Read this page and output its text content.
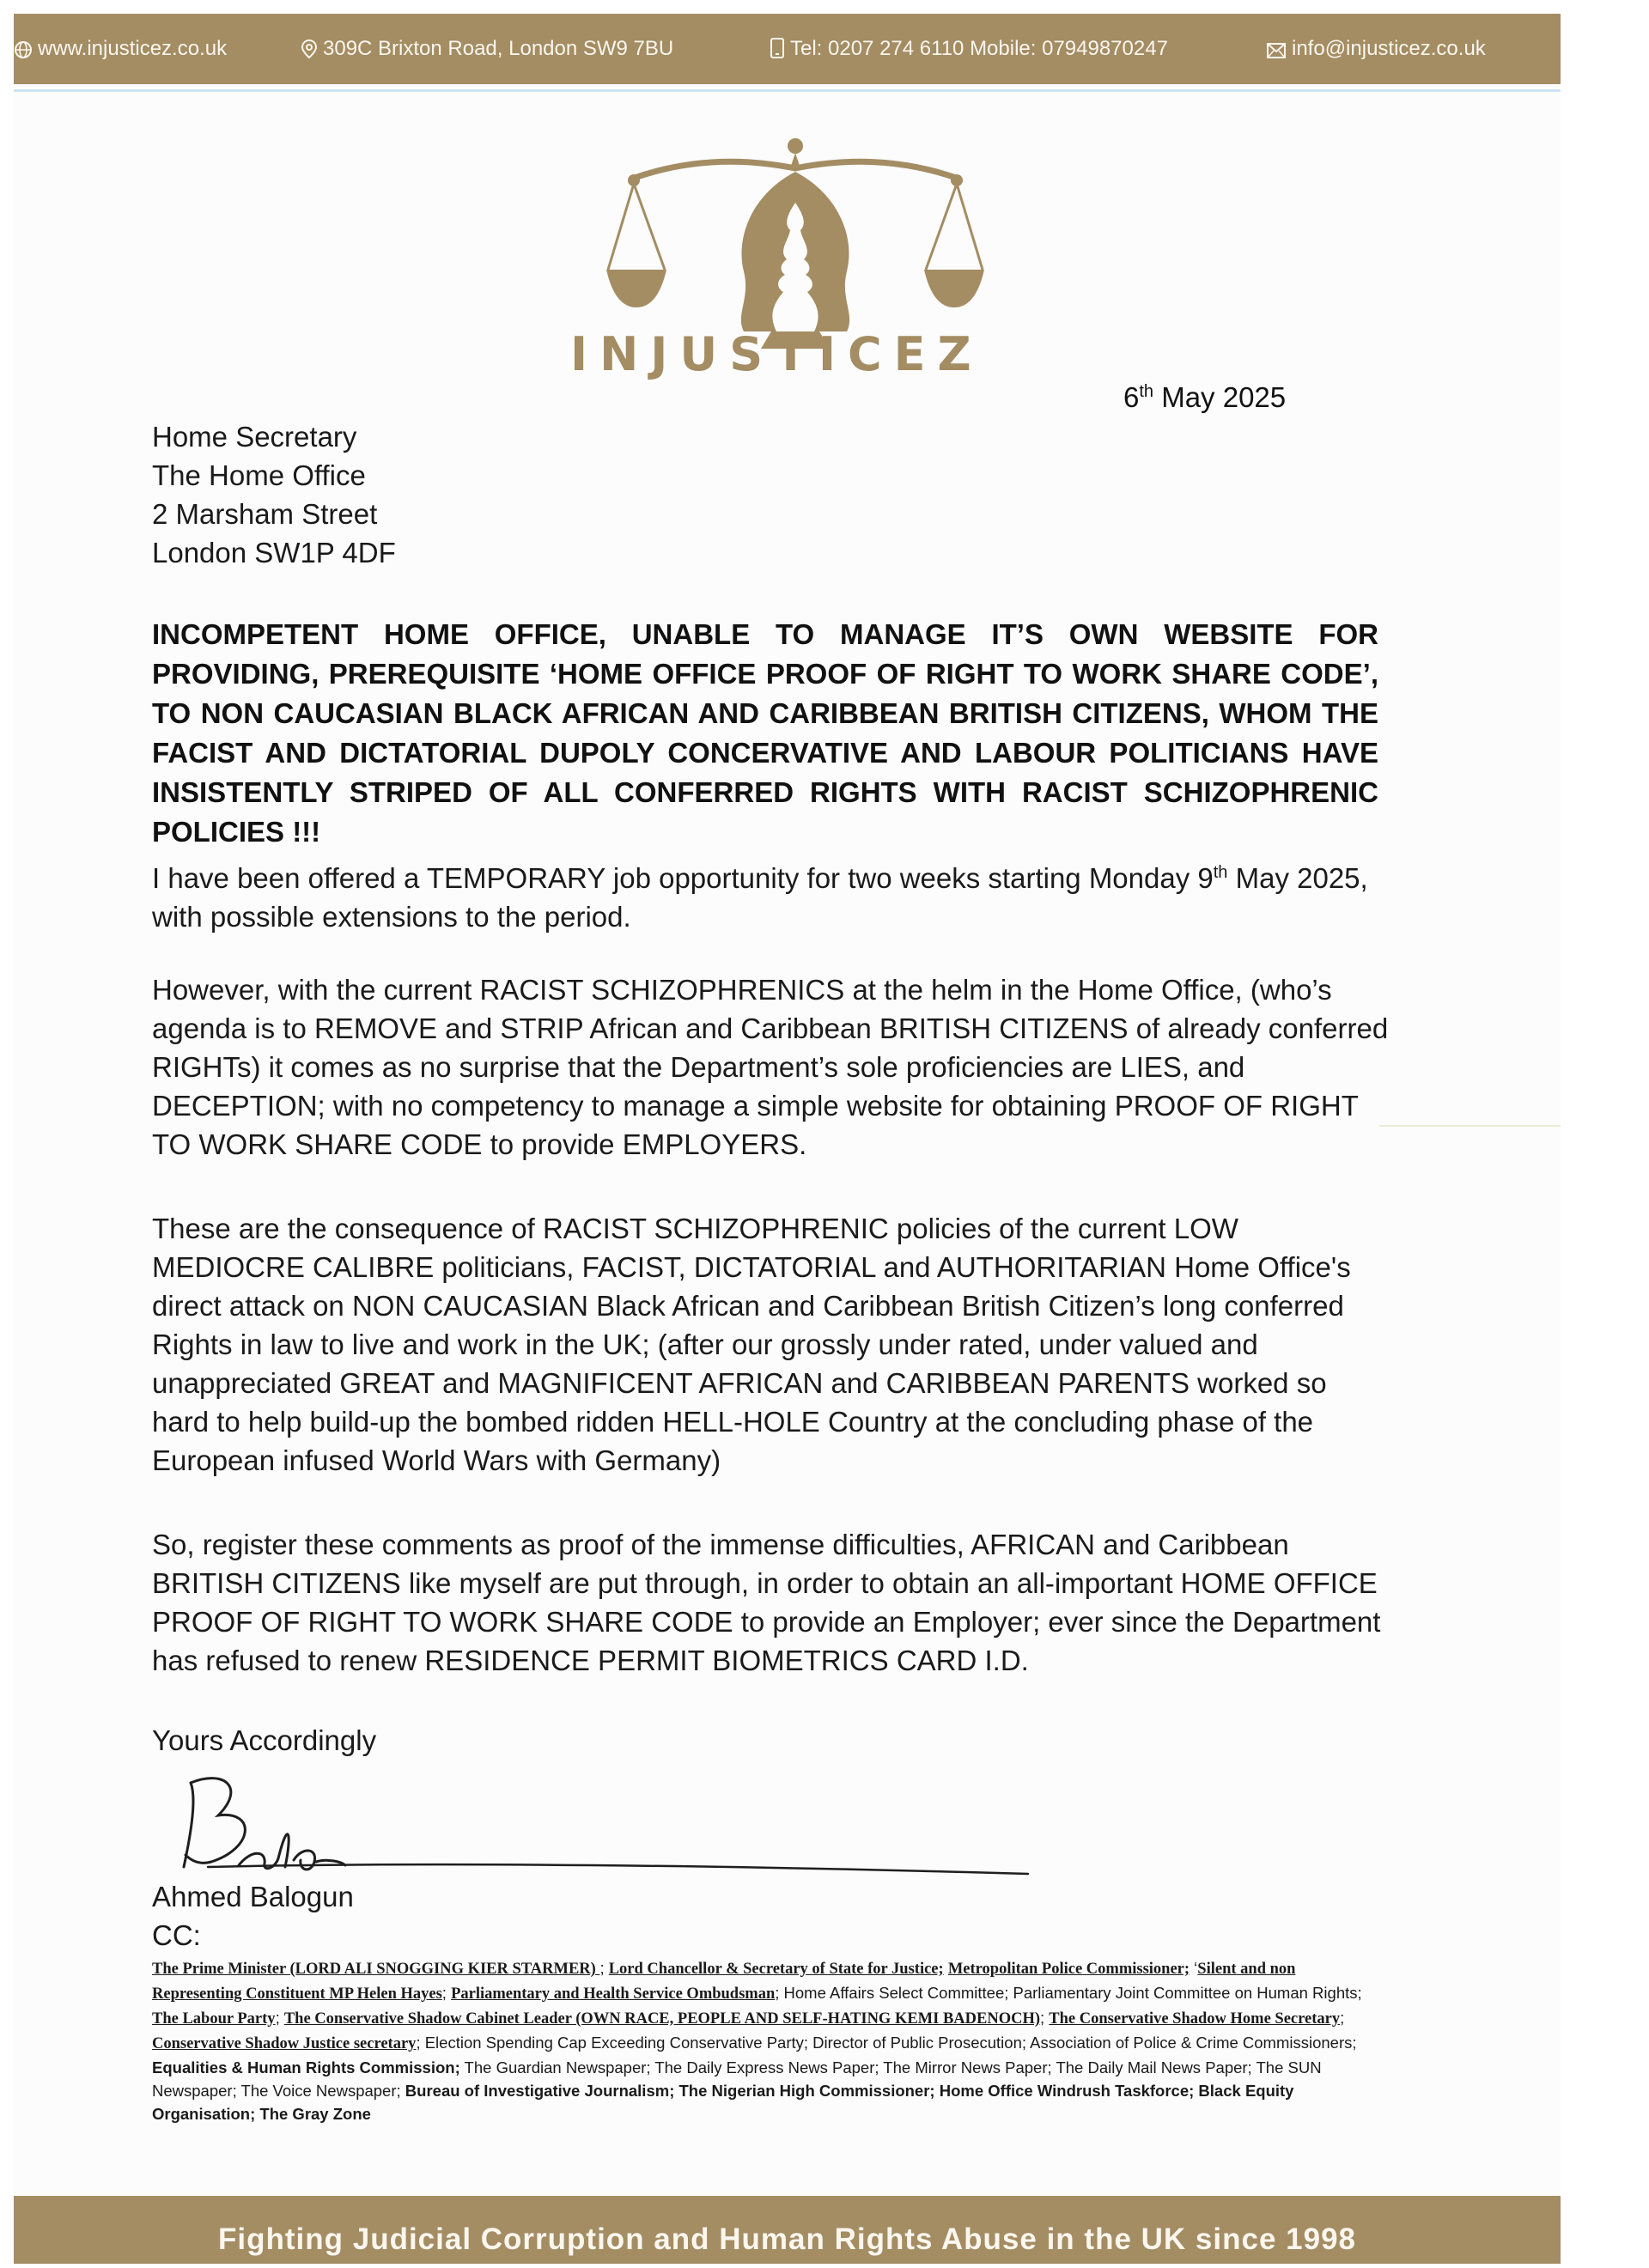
www.injusticez.co.uk	309C Brixton Road, London SW9 7BU	Tel: 0207 274 6110 Mobile: 07949870247	info@injusticez.co.uk
INJUSTICEZ
6th May 2025
Home Secretary
The Home Office
2 Marsham Street
London SW1P 4DF
INCOMPETENT HOME OFFICE, UNABLE TO MANAGE IT’S OWN WEBSITE FOR PROVIDING, PREREQUISITE ‘HOME OFFICE PROOF OF RIGHT TO WORK SHARE CODE’, TO NON CAUCASIAN BLACK AFRICAN AND CARIBBEAN BRITISH CITIZENS, WHOM THE FACIST AND DICTATORIAL DUPOLY CONCERVATIVE AND LABOUR POLITICIANS HAVE INSISTENTLY STRIPED OF ALL CONFERRED RIGHTS WITH RACIST SCHIZOPHRENIC POLICIES !!!
I have been offered a TEMPORARY job opportunity for two weeks starting Monday 9th May 2025, with possible extensions to the period.
However, with the current RACIST SCHIZOPHRENICS at the helm in the Home Office, (who’s agenda is to REMOVE and STRIP African and Caribbean BRITISH CITIZENS of already conferred RIGHTs) it comes as no surprise that the Department’s sole proficiencies are LIES, and DECEPTION; with no competency to manage a simple website for obtaining PROOF OF RIGHT TO WORK SHARE CODE to provide EMPLOYERS.
These are the consequence of RACIST SCHIZOPHRENIC policies of the current LOW MEDIOCRE CALIBRE politicians, FACIST, DICTATORIAL and AUTHORITARIAN Home Office's direct attack on NON CAUCASIAN Black African and Caribbean British Citizen’s long conferred Rights in law to live and work in the UK; (after our grossly under rated, under valued and unappreciated GREAT and MAGNIFICENT AFRICAN and CARIBBEAN PARENTS worked so hard to help build-up the bombed ridden HELL-HOLE Country at the concluding phase of the European infused World Wars with Germany)
So, register these comments as proof of the immense difficulties, AFRICAN and Caribbean BRITISH CITIZENS like myself are put through, in order to obtain an all-important HOME OFFICE PROOF OF RIGHT TO WORK SHARE CODE to provide an Employer; ever since the Department has refused to renew RESIDENCE PERMIT BIOMETRICS CARD I.D.
Yours Accordingly
Balo
Ahmed Balogun
CC:
The Prime Minister (LORD ALI SNOGGING KIER STARMER) ; Lord Chancellor & Secretary of State for Justice; Metropolitan Police Commissioner; ‘Silent and non Representing Constituent MP Helen Hayes; Parliamentary and Health Service Ombudsman; Home Affairs Select Committee; Parliamentary Joint Committee on Human Rights; The Labour Party; The Conservative Shadow Cabinet Leader (OWN RACE, PEOPLE AND SELF-HATING KEMI BADENOCH); The Conservative Shadow Home Secretary; Conservative Shadow Justice secretary; Election Spending Cap Exceeding Conservative Party; Director of Public Prosecution; Association of Police & Crime Commissioners; Equalities & Human Rights Commission; The Guardian Newspaper; The Daily Express News Paper; The Mirror News Paper; The Daily Mail News Paper; The SUN Newspaper; The Voice Newspaper; Bureau of Investigative Journalism; The Nigerian High Commissioner; Home Office Windrush Taskforce; Black Equity Organisation; The Gray Zone
Fighting Judicial Corruption and Human Rights Abuse in the UK since 1998
